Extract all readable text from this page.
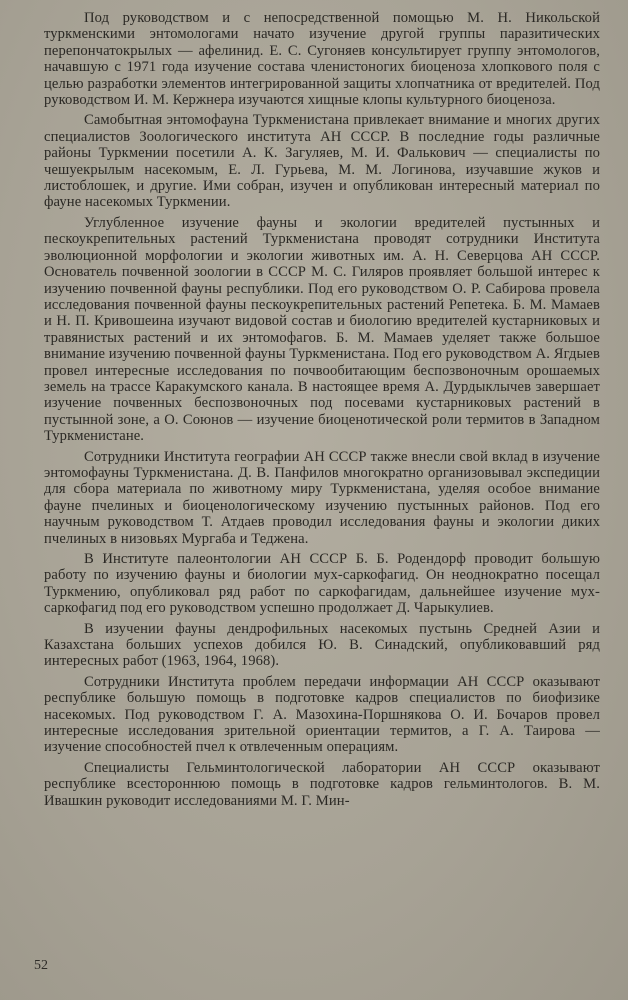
Под руководством и с непосредственной помощью М. Н. Никольской туркменскими энтомологами начато изучение другой группы паразитических перепончатокрылых — афелинид. Е. С. Сугоняев консультирует группу энтомологов, начавшую с 1971 года изучение состава членистоногих биоценоза хлопкового поля с целью разработки элементов интегрированной защиты хлопчатника от вредителей. Под руководством И. М. Кержнера изучаются хищные клопы культурного биоценоза.

Самобытная энтомофауна Туркменистана привлекает внимание и многих других специалистов Зоологического института АН СССР. В последние годы различные районы Туркмении посетили А. К. Загуляев, М. И. Фалькович — специалисты по чешуекрылым насекомым, Е. Л. Гурьева, М. М. Логинова, изучавшие жуков и листоблошек, и другие. Ими собран, изучен и опубликован интересный материал по фауне насекомых Туркмении.

Углубленное изучение фауны и экологии вредителей пустынных и пескоукрепительных растений Туркменистана проводят сотрудники Института эволюционной морфологии и экологии животных им. А. Н. Северцова АН СССР. Основатель почвенной зоологии в СССР М. С. Гиляров проявляет большой интерес к изучению почвенной фауны республики. Под его руководством О. Р. Сабирова провела исследования почвенной фауны пескоукрепительных растений Репетека. Б. М. Мамаев и Н. П. Кривошеина изучают видовой состав и биологию вредителей кустарниковых и травянистых растений и их энтомофагов. Б. М. Мамаев уделяет также большое внимание изучению почвенной фауны Туркменистана. Под его руководством А. Ягдыев провел интересные исследования по почвообитающим беспозвоночным орошаемых земель на трассе Каракумского канала. В настоящее время А. Дурдыклычев завершает изучение почвенных беспозвоночных под посевами кустарниковых растений в пустынной зоне, а О. Союнов — изучение биоценотической роли термитов в Западном Туркменистане.

Сотрудники Института географии АН СССР также внесли свой вклад в изучение энтомофауны Туркменистана. Д. В. Панфилов многократно организовывал экспедиции для сбора материала по животному миру Туркменистана, уделяя особое внимание фауне пчелиных и биоценологическому изучению пустынных районов. Под его научным руководством Т. Атдаев проводил исследования фауны и экологии диких пчелиных в низовьях Мургаба и Теджена.

В Институте палеонтологии АН СССР Б. Б. Родендорф проводит большую работу по изучению фауны и биологии мух-саркофагид. Он неоднократно посещал Туркмению, опубликовал ряд работ по саркофагидам, дальнейшее изучение мух-саркофагид под его руководством успешно продолжает Д. Чарыкулиев.

В изучении фауны дендрофильных насекомых пустынь Средней Азии и Казахстана больших успехов добился Ю. В. Синадский, опубликовавший ряд интересных работ (1963, 1964, 1968).

Сотрудники Института проблем передачи информации АН СССР оказывают республике большую помощь в подготовке кадров специалистов по биофизике насекомых. Под руководством Г. А. Мазохина-Поршнякова О. И. Бочаров провел интересные исследования зрительной ориентации термитов, а Г. А. Таирова — изучение способностей пчел к отвлеченным операциям.

Специалисты Гельминтологической лаборатории АН СССР оказывают республике всестороннюю помощь в подготовке кадров гельминтологов. В. М. Ивашкин руководит исследованиями М. Г. Мин-

52
